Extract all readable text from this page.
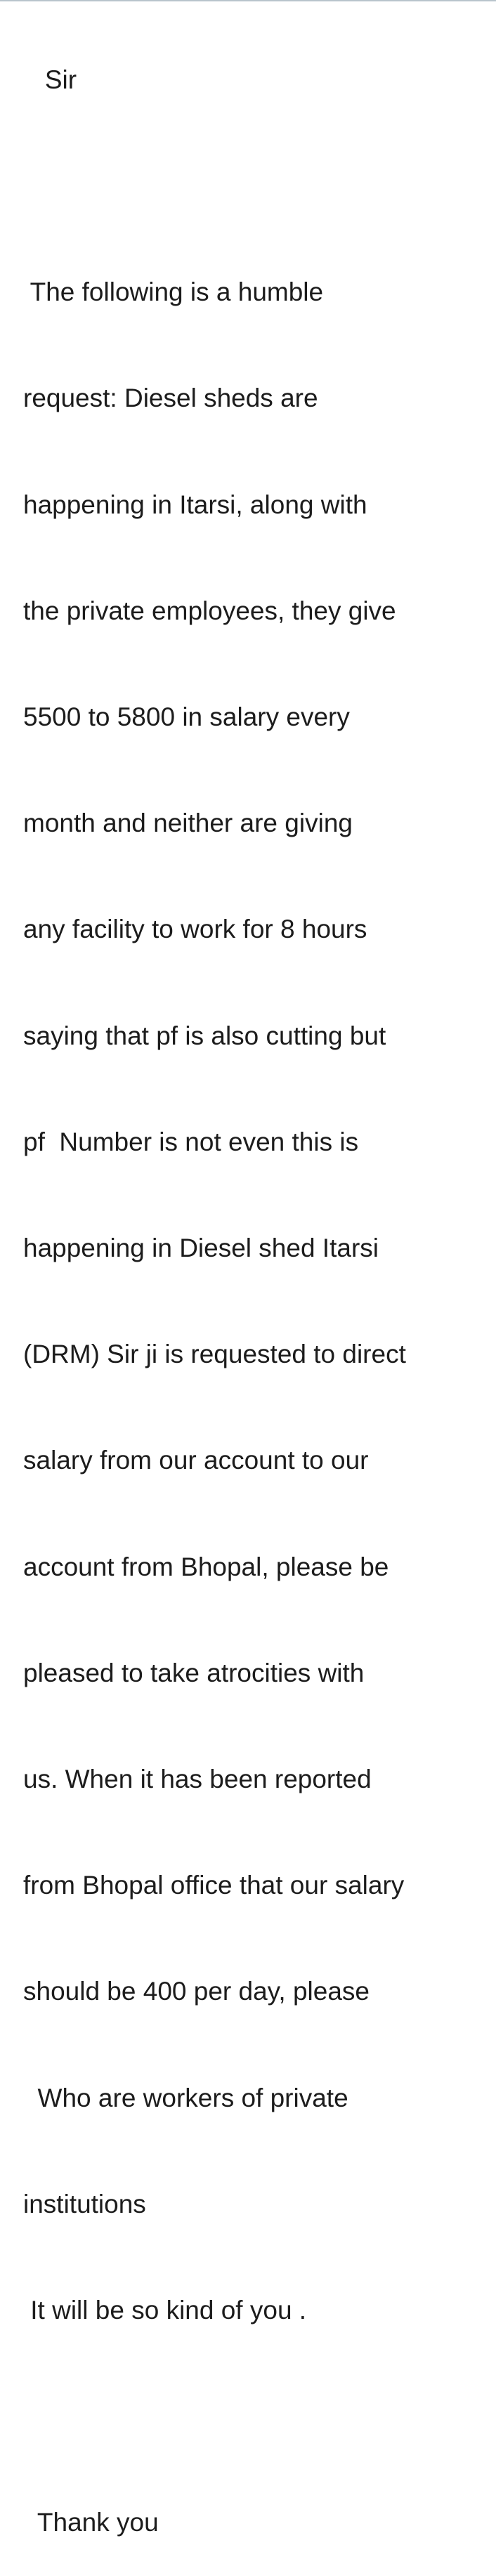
Sir

The following is a humble

request: Diesel sheds are

happening in Itarsi, along with

the private employees, they give

5500 to 5800 in salary every

month and neither are giving

any facility to work for 8 hours

saying that pf is also cutting but

pf  Number is not even this is

happening in Diesel shed Itarsi

(DRM) Sir ji is requested to direct

salary from our account to our

account from Bhopal, please be

pleased to take atrocities with

us. When it has been reported

from Bhopal office that our salary

should be 400 per day, please

Who are workers of private

institutions

It will be so kind of you .

Thank you
